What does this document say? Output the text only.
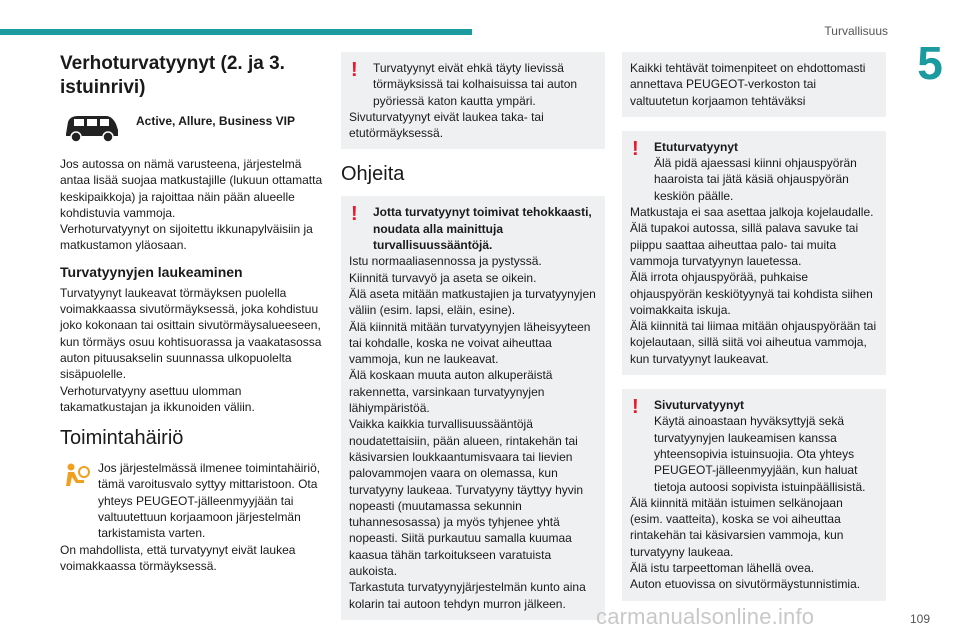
Turvallisuus
5
Verhoturvatyynyt (2. ja 3. istuinrivi)
Active, Allure, Business VIP

Jos autossa on nämä varusteena, järjestelmä antaa lisää suojaa matkustajille (lukuun ottamatta keskipaikkoja) ja rajoittaa näin pään alueelle kohdistuvia vammoja.

Verhoturvatyynyt on sijoitettu ikkunapylväisiin ja matkustamon yläosaan.

Turvatyynyjen laukeaminen

Turvatyynyt laukeavat törmäyksen puolella voimakkaassa sivutörmäyksessä, joka kohdistuu joko kokonaan tai osittain sivutörmäysalueeseen, kun törmäys osuu kohtisuorassa ja vaakatasossa auton pituusakselin suunnassa ulkopuolelta sisäpuolelle.

Verhoturvatyyny asettuu ulomman takamatkustajan ja ikkunoiden väliin.

Toimintahäiriö

Jos järjestelmässä ilmenee toimintahäiriö, tämä varoitusvalo syttyy mittaristoon. Ota yhteys PEUGEOT-jälleenmyyjään tai valtuutettuun korjaamoon järjestelmän tarkistamista varten.

On mahdollista, että turvatyynyt eivät laukea voimakkaassa törmäyksessä.

!	Turvatyynyt eivät ehkä täyty lievissä törmäyksissä tai kolhaisuissa tai auton pyöriessä katon kautta ympäri.

Sivuturvatyynyt eivät laukea taka- tai etutörmäyksessä.

Ohjeita
!	Jotta turvatyynyt toimivat tehokkaasti, noudata alla mainittuja turvallisuussääntöjä.

Istu normaaliasennossa ja pystyssä.

Kiinnitä turvavyö ja aseta se oikein.

Älä aseta mitään matkustajien ja turvatyynyjen väliin (esim. lapsi, eläin, esine).

Älä kiinnitä mitään turvatyynyjen läheisyyteen tai kohdalle, koska ne voivat aiheuttaa vammoja, kun ne laukeavat.

Älä koskaan muuta auton alkuperäistä rakennetta, varsinkaan turvatyynyjen lähiympäristöä.

Vaikka kaikkia turvallisuussääntöjä noudatettaisiin, pään alueen, rintakehän tai käsivarsien loukkaantumisvaara tai lievien palovammojen vaara on olemassa, kun turvatyyny laukeaa. Turvatyyny täyttyy hyvin nopeasti (muutamassa sekunnin tuhannesosassa) ja myös tyhjenee yhtä nopeasti. Siitä purkautuu samalla kuumaa kaasua tähän tarkoitukseen varatuista aukoista.

Tarkastuta turvatyynyjärjestelmän kunto aina kolarin tai autoon tehdyn murron jälkeen.

Kaikki tehtävät toimenpiteet on ehdottomasti annettava PEUGEOT-verkoston tai valtuutetun korjaamon tehtäväksi

!	Etuturvatyynyt

Älä pidä ajaessasi kiinni ohjauspyörän haaroista tai jätä käsiä ohjauspyörän keskiön päälle.

Matkustaja ei saa asettaa jalkoja kojelaudalle.

Älä tupakoi autossa, sillä palava savuke tai piippu saattaa aiheuttaa palo- tai muita vammoja turvatyynyn lauetessa.

Älä irrota ohjauspyörää, puhkaise ohjauspyörän keskiötyynyä tai kohdista siihen voimakkaita iskuja.

Älä kiinnitä tai liimaa mitään ohjauspyörään tai kojelautaan, sillä siitä voi aiheutua vammoja, kun turvatyynyt laukeavat.

!	Sivuturvatyynyt

Käytä ainoastaan hyväksyttyjä sekä turvatyynyjen laukeamisen kanssa yhteensopivia istuinsuojia. Ota yhteys PEUGEOT-jälleenmyyjään, kun haluat tietoja autoosi sopivista istuinpäällisistä.

Älä kiinnitä mitään istuimen selkänojaan (esim. vaatteita), koska se voi aiheuttaa rintakehän tai käsivarsien vammoja, kun turvatyyny laukeaa.

Älä istu tarpeettoman lähellä ovea.

Auton etuovissa on sivutörmäystunnistimia.

carmanualsonline.info	109
